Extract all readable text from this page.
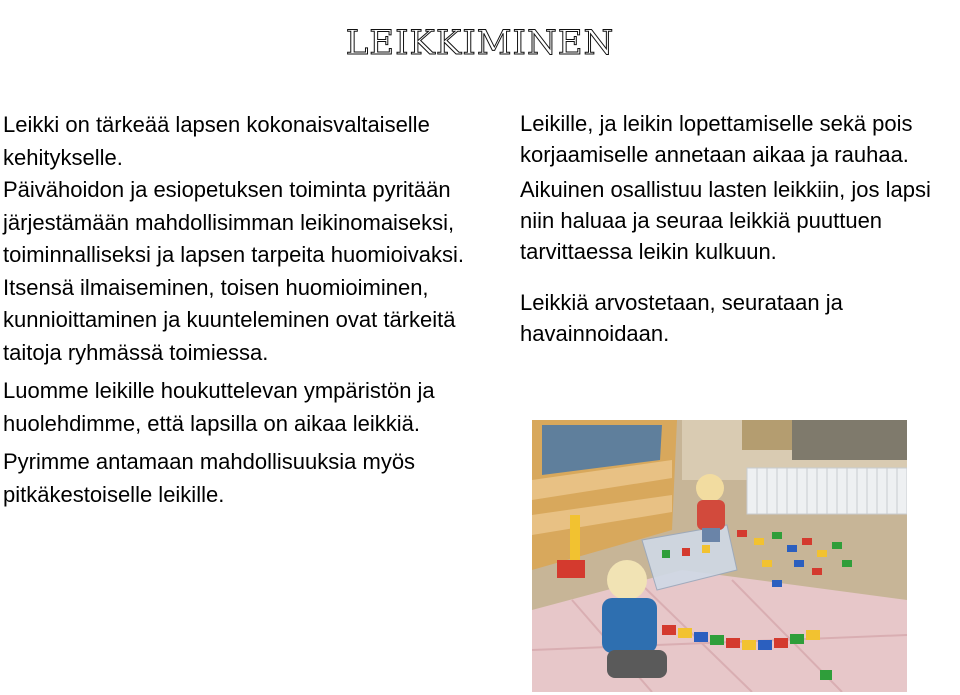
LEIKKIMINEN

Leikki on tärkeää lapsen kokonaisvaltaiselle kehitykselle.

Päivähoidon ja esiopetuksen toiminta pyritään järjestämään mahdollisimman leikinomaiseksi, toiminnalliseksi ja lapsen tarpeita huomioivaksi. Itsensä ilmaiseminen, toisen huomioiminen, kunnioittaminen ja kuunteleminen ovat tärkeitä taitoja ryhmässä toimiessa.

Luomme leikille houkuttelevan ympäristön ja huolehdimme, että lapsilla on aikaa leikkiä.

Pyrimme antamaan mahdollisuuksia myös pitkäkestoiselle leikille.

Leikille, ja leikin lopettamiselle sekä pois korjaamiselle annetaan aikaa ja rauhaa.

Aikuinen osallistuu lasten leikkiin, jos lapsi niin haluaa ja seuraa leikkiä puuttuen tarvittaessa leikin kulkuun.

Leikkiä arvostetaan, seurataan ja havainnoidaan.
